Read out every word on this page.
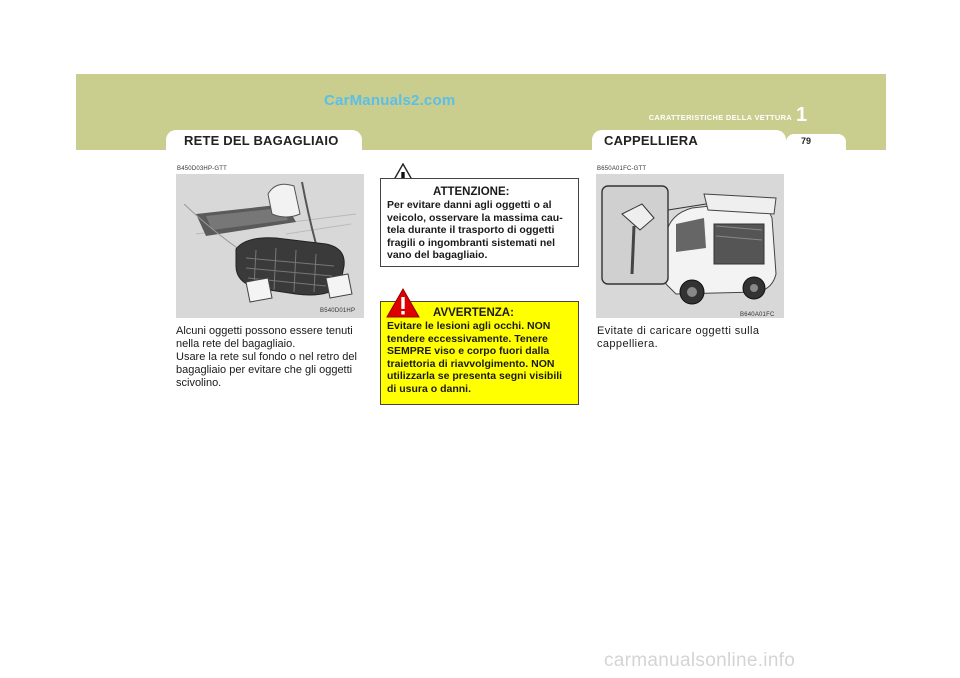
CarManuals2.com
CARATTERISTICHE DELLA VETTURA 1
79
RETE DEL BAGAGLIAIO
B450D03HP-GTT
B540D01HP
Alcuni oggetti possono essere tenuti
nella rete del bagagliaio.
Usare la rete sul fondo o nel retro del
bagagliaio per evitare che gli oggetti
scivolino.
ATTENZIONE:
Per evitare danni agli oggetti o al
veicolo, osservare la massima cau-
tela durante il trasporto di oggetti
fragili o ingombranti sistemati nel
vano del bagagliaio.
AVVERTENZA:
Evitare le lesioni agli occhi. NON
tendere eccessivamente. Tenere
SEMPRE viso e corpo fuori dalla
traiettoria di riavvolgimento. NON
utilizzarla se presenta segni visibili
di usura o danni.
CAPPELLIERA
B650A01FC-GTT
B640A01FC
Evitate di caricare oggetti sulla
cappelliera.
carmanualsonline.info
